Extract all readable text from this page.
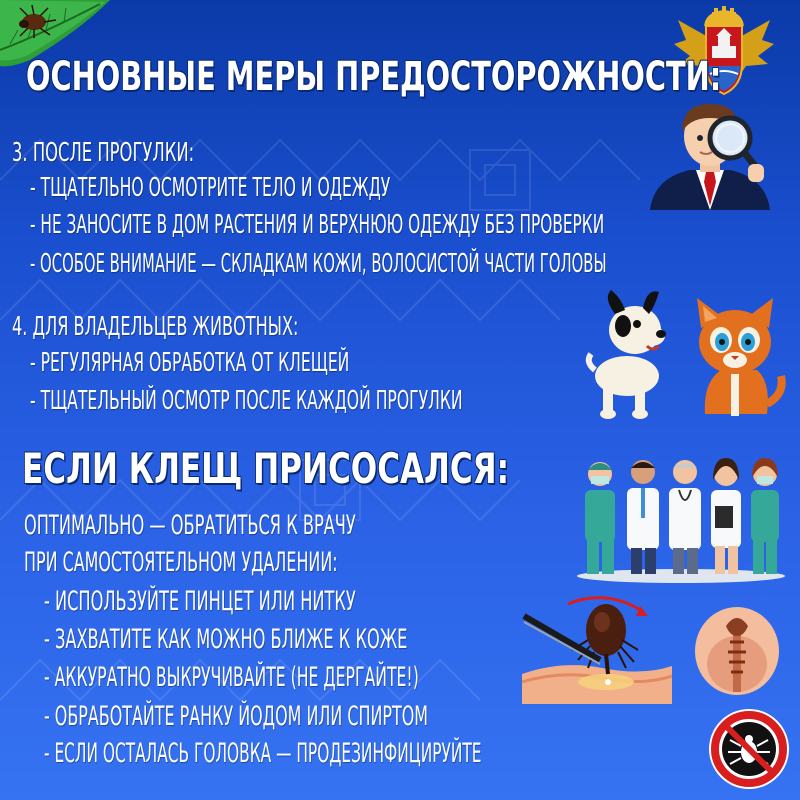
ОСНОВНЫЕ МЕРЫ ПРЕДОСТОРОЖНОСТИ:
3. ПОСЛЕ ПРОГУЛКИ:
- ТЩАТЕЛЬНО ОСМОТРИТЕ ТЕЛО И ОДЕЖДУ
- НЕ ЗАНОСИТЕ В ДОМ РАСТЕНИЯ И ВЕРХНЮЮ ОДЕЖДУ БЕЗ ПРОВЕРКИ
- ОСОБОЕ ВНИМАНИЕ — СКЛАДКАМ КОЖИ, ВОЛОСИСТОЙ ЧАСТИ ГОЛОВЫ
4. ДЛЯ ВЛАДЕЛЬЦЕВ ЖИВОТНЫХ:
- РЕГУЛЯРНАЯ ОБРАБОТКА ОТ КЛЕЩЕЙ
- ТЩАТЕЛЬНЫЙ ОСМОТР ПОСЛЕ КАЖДОЙ ПРОГУЛКИ
ЕСЛИ КЛЕЩ ПРИСОСАЛСЯ:
ОПТИМАЛЬНО — ОБРАТИТЬСЯ К ВРАЧУ
ПРИ САМОСТОЯТЕЛЬНОМ УДАЛЕНИИ:
- ИСПОЛЬЗУЙТЕ ПИНЦЕТ ИЛИ НИТКУ
- ЗАХВАТИТЕ КАК МОЖНО БЛИЖЕ К КОЖЕ
- АККУРАТНО ВЫКРУЧИВАЙТЕ (НЕ ДЕРГАЙТЕ!)
- ОБРАБОТАЙТЕ РАНКУ ЙОДОМ ИЛИ СПИРТОМ
- ЕСЛИ ОСТАЛАСЬ ГОЛОВКА — ПРОДЕЗИНФИЦИРУЙТЕ
